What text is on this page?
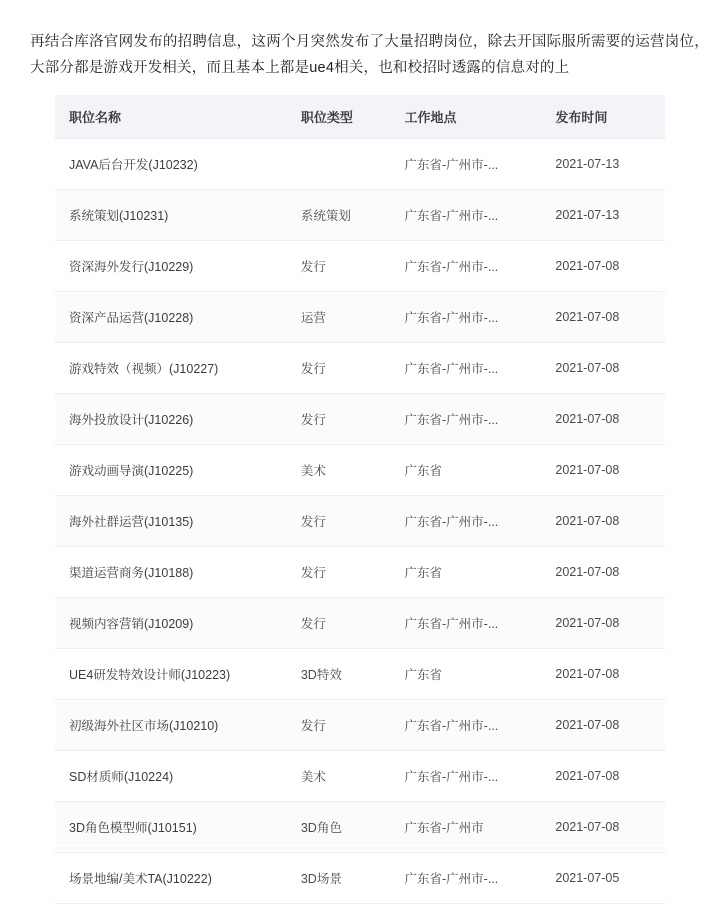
再结合库洛官网发布的招聘信息，这两个月突然发布了大量招聘岗位，除去开国际服所需要的运营岗位，大部分都是游戏开发相关，而且基本上都是ue4相关，也和校招时透露的信息对的上

职位名称	职位类型	工作地点	发布时间
JAVA后台开发(J10232)		广东省-广州市-...	2021-07-13
系统策划(J10231)	系统策划	广东省-广州市-...	2021-07-13
资深海外发行(J10229)	发行	广东省-广州市-...	2021-07-08
资深产品运营(J10228)	运营	广东省-广州市-...	2021-07-08
游戏特效（视频）(J10227)	发行	广东省-广州市-...	2021-07-08
海外投放设计(J10226)	发行	广东省-广州市-...	2021-07-08
游戏动画导演(J10225)	美术	广东省	2021-07-08
海外社群运营(J10135)	发行	广东省-广州市-...	2021-07-08
渠道运营商务(J10188)	发行	广东省	2021-07-08
视频内容营销(J10209)	发行	广东省-广州市-...	2021-07-08
UE4研发特效设计师(J10223)	3D特效	广东省	2021-07-08
初级海外社区市场(J10210)	发行	广东省-广州市-...	2021-07-08
SD材质师(J10224)	美术	广东省-广州市-...	2021-07-08
3D角色模型师(J10151)	3D角色	广东省-广州市	2021-07-08
场景地编/美术TA(J10222)	3D场景	广东省-广州市-...	2021-07-05
